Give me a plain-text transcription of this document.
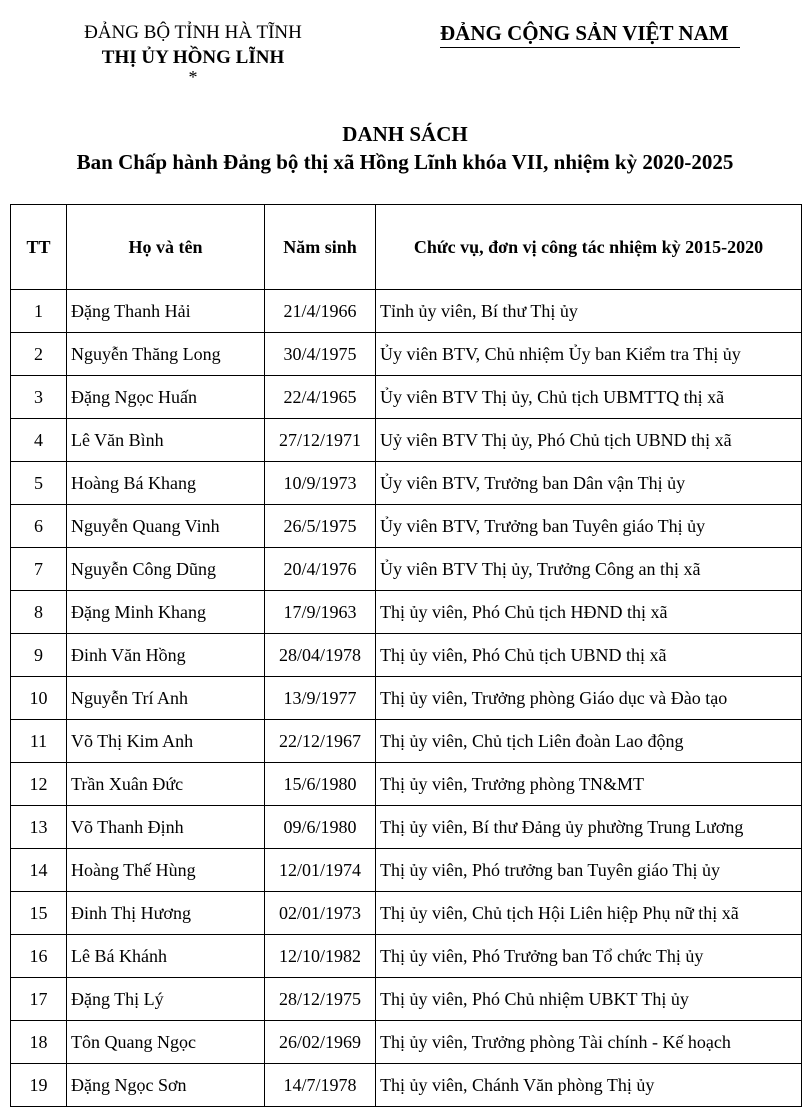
ĐẢNG BỘ TỈNH HÀ TĨNH
THỊ ỦY HỒNG LĨNH
*
ĐẢNG CỘNG SẢN VIỆT NAM
DANH SÁCH
Ban Chấp hành Đảng bộ thị xã Hồng Lĩnh khóa VII, nhiệm kỳ 2020-2025
TT	Họ và tên	Năm sinh	Chức vụ, đơn vị công tác nhiệm kỳ 2015-2020
1	Đặng Thanh Hải	21/4/1966	Tỉnh ủy viên, Bí thư Thị ủy
2	Nguyễn Thăng Long	30/4/1975	Ủy viên BTV, Chủ nhiệm Ủy ban Kiểm tra Thị ủy
3	Đặng Ngọc Huấn	22/4/1965	Ủy viên BTV Thị ủy, Chủ tịch UBMTTQ thị xã
4	Lê Văn Bình	27/12/1971	Uỷ viên BTV Thị ủy, Phó Chủ tịch UBND thị xã
5	Hoàng Bá Khang	10/9/1973	Ủy viên BTV, Trưởng ban Dân vận Thị ủy
6	Nguyễn Quang Vinh	26/5/1975	Ủy viên BTV, Trưởng ban Tuyên giáo Thị ủy
7	Nguyễn Công Dũng	20/4/1976	Ủy viên BTV Thị ủy, Trưởng Công an thị xã
8	Đặng Minh Khang	17/9/1963	Thị ủy viên, Phó Chủ tịch HĐND thị xã
9	Đinh Văn Hồng	28/04/1978	Thị ủy viên, Phó Chủ tịch UBND thị xã
10	Nguyễn Trí Anh	13/9/1977	Thị ủy viên, Trưởng phòng Giáo dục và Đào tạo
11	Võ Thị Kim Anh	22/12/1967	Thị ủy viên, Chủ tịch Liên đoàn Lao động
12	Trần Xuân Đức	15/6/1980	Thị ủy viên, Trưởng phòng TN&MT
13	Võ Thanh Định	09/6/1980	Thị ủy viên, Bí thư Đảng ủy phường Trung Lương
14	Hoàng Thế Hùng	12/01/1974	Thị ủy viên, Phó trưởng ban Tuyên giáo Thị ủy
15	Đinh Thị Hương	02/01/1973	Thị ủy viên, Chủ tịch Hội Liên hiệp Phụ nữ thị xã
16	Lê Bá Khánh	12/10/1982	Thị ủy viên, Phó Trưởng ban Tổ chức Thị ủy
17	Đặng Thị Lý	28/12/1975	Thị ủy viên, Phó Chủ nhiệm UBKT Thị ủy
18	Tôn Quang Ngọc	26/02/1969	Thị ủy viên, Trưởng phòng Tài chính - Kế hoạch
19	Đặng Ngọc Sơn	14/7/1978	Thị ủy viên, Chánh Văn phòng Thị ủy
